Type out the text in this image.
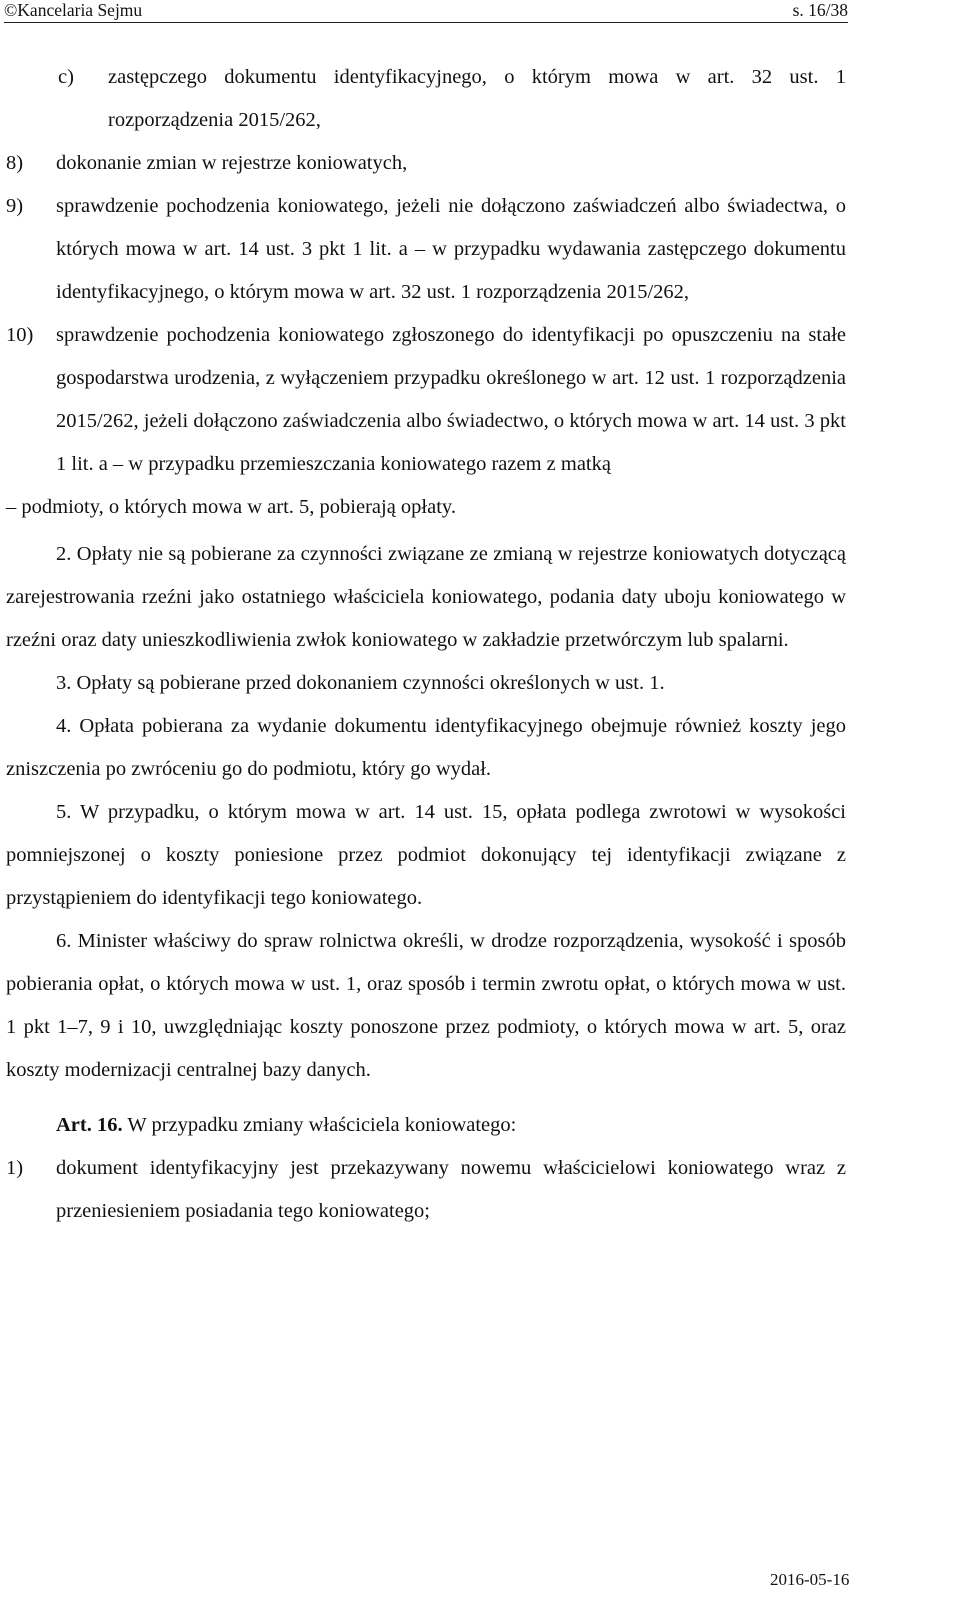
©Kancelaria Sejmu	s. 16/38
c) zastępczego dokumentu identyfikacyjnego, o którym mowa w art. 32 ust. 1 rozporządzenia 2015/262,
8) dokonanie zmian w rejestrze koniowatych,
9) sprawdzenie pochodzenia koniowatego, jeżeli nie dołączono zaświadczeń albo świadectwa, o których mowa w art. 14 ust. 3 pkt 1 lit. a – w przypadku wydawania zastępczego dokumentu identyfikacyjnego, o którym mowa w art. 32 ust. 1 rozporządzenia 2015/262,
10) sprawdzenie pochodzenia koniowatego zgłoszonego do identyfikacji po opuszczeniu na stałe gospodarstwa urodzenia, z wyłączeniem przypadku określonego w art. 12 ust. 1 rozporządzenia 2015/262, jeżeli dołączono zaświadczenia albo świadectwo, o których mowa w art. 14 ust. 3 pkt 1 lit. a – w przypadku przemieszczania koniowatego razem z matką

– podmioty, o których mowa w art. 5, pobierają opłaty.

2. Opłaty nie są pobierane za czynności związane ze zmianą w rejestrze koniowatych dotyczącą zarejestrowania rzeźni jako ostatniego właściciela koniowatego, podania daty uboju koniowatego w rzeźni oraz daty unieszkodliwienia zwłok koniowatego w zakładzie przetwórczym lub spalarni.

3. Opłaty są pobierane przed dokonaniem czynności określonych w ust. 1.

4. Opłata pobierana za wydanie dokumentu identyfikacyjnego obejmuje również koszty jego zniszczenia po zwróceniu go do podmiotu, który go wydał.

5. W przypadku, o którym mowa w art. 14 ust. 15, opłata podlega zwrotowi w wysokości pomniejszonej o koszty poniesione przez podmiot dokonujący tej identyfikacji związane z przystąpieniem do identyfikacji tego koniowatego.

6. Minister właściwy do spraw rolnictwa określi, w drodze rozporządzenia, wysokość i sposób pobierania opłat, o których mowa w ust. 1, oraz sposób i termin zwrotu opłat, o których mowa w ust. 1 pkt 1–7, 9 i 10, uwzględniając koszty ponoszone przez podmioty, o których mowa w art. 5, oraz koszty modernizacji centralnej bazy danych.

Art. 16. W przypadku zmiany właściciela koniowatego:

1) dokument identyfikacyjny jest przekazywany nowemu właścicielowi koniowatego wraz z przeniesieniem posiadania tego koniowatego;
2016-05-16
